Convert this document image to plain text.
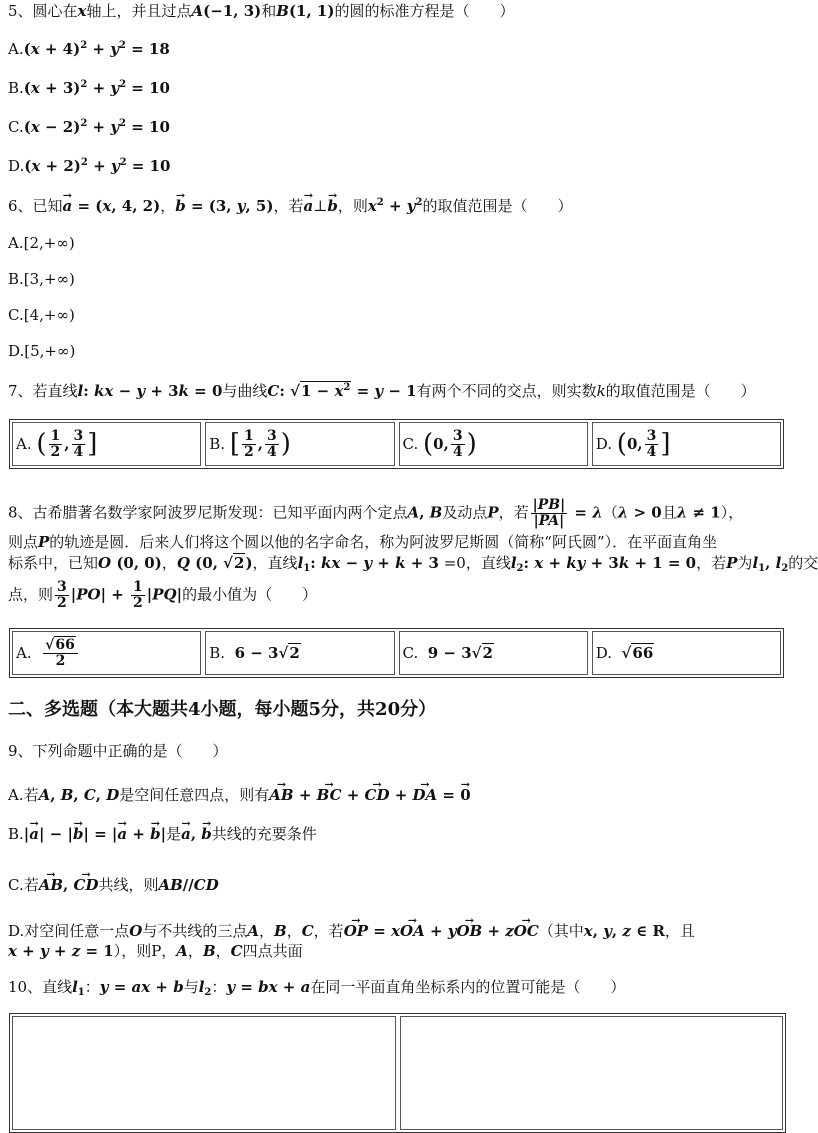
5、圆心在x轴上，并且过点A(−1, 3)和B(1, 1)的圆的标准方程是（　　）
$A.(x + 4)^2 + y^2 = 18$
$B.(x + 3)^2 + y^2 = 10$
$C.(x - 2)^2 + y^2 = 10$
$D.(x + 2)^2 + y^2 = 10$
6、已知→ a = (x, 4, 2)，→ b = (3, y, 5)，若→ a⊥→ b，则$x^2 + y^2$的取值范围是（　　）
A.[2,+∞)
B.[3,+∞)
C.[4,+∞)
D.[5,+∞)
7、若直线l: kx − y + 3k = 0与曲线C: $√1 - x^2 = y - 1$有两个不同的交点，则实数k的取值范围是（　　）
A. ( $\frac{1}{2}$ , $\frac{3}{4}$ ]	B. [ $\frac{1}{2}$ , $\frac{3}{4}$ )	C. ( 0, $\frac{3}{4}$ )	D. ( 0, $\frac{3}{4}$ ]
8、古希腊著名数学家阿波罗尼斯发现：已知平面内两个定点A, B及动点P，若 $\frac{|PB|}{|PA|} = \lambda(\lambda > 0$且λ ≠ 1），
则点P的轨迹是圆．后来人们将这个圆以他的名字命名，称为阿波罗尼斯圆（简称“阿氏圆”）．在平面直角坐
标系中，已知O (0, 0)，Q (0, √2)，直线$l_1$: kx − y + k + 3 =0，直线$l_2$: x + ky + 3k + 1 = 0，若P为$l_1$, $l_2$的交
点，则 $\frac{3}{2} |PO| + \frac{1}{2} |PQ|$的最小值为（　　）
A. $\frac{√66}{2}$	B. 6 − 3√2	C. 9 − 3√2	D. √66
二、多选题（本大题共4小题，每小题5分，共20分）
9、下列命题中正确的是（　　）
A.若A, B, C, D是空间任意四点，则有→ AB + → BC + → CD + → DA = → 0
B.|→ a| − |→ b| = |→ a + → b|是→ a, → b共线的充要条件
C.若→ AB, → CD共线，则AB//CD
D.对空间任意一点O与不共线的三点A，B，C，若→ OP = x→ OA + y→ OB + z→ OC（其中x, y, z ∈ R，且
x + y + z = 1），则P，A，B，C四点共面
10、直线$l_1$：y = ax + b与$l_2$：y = bx + a在同一平面直角坐标系内的位置可能是（　　）
